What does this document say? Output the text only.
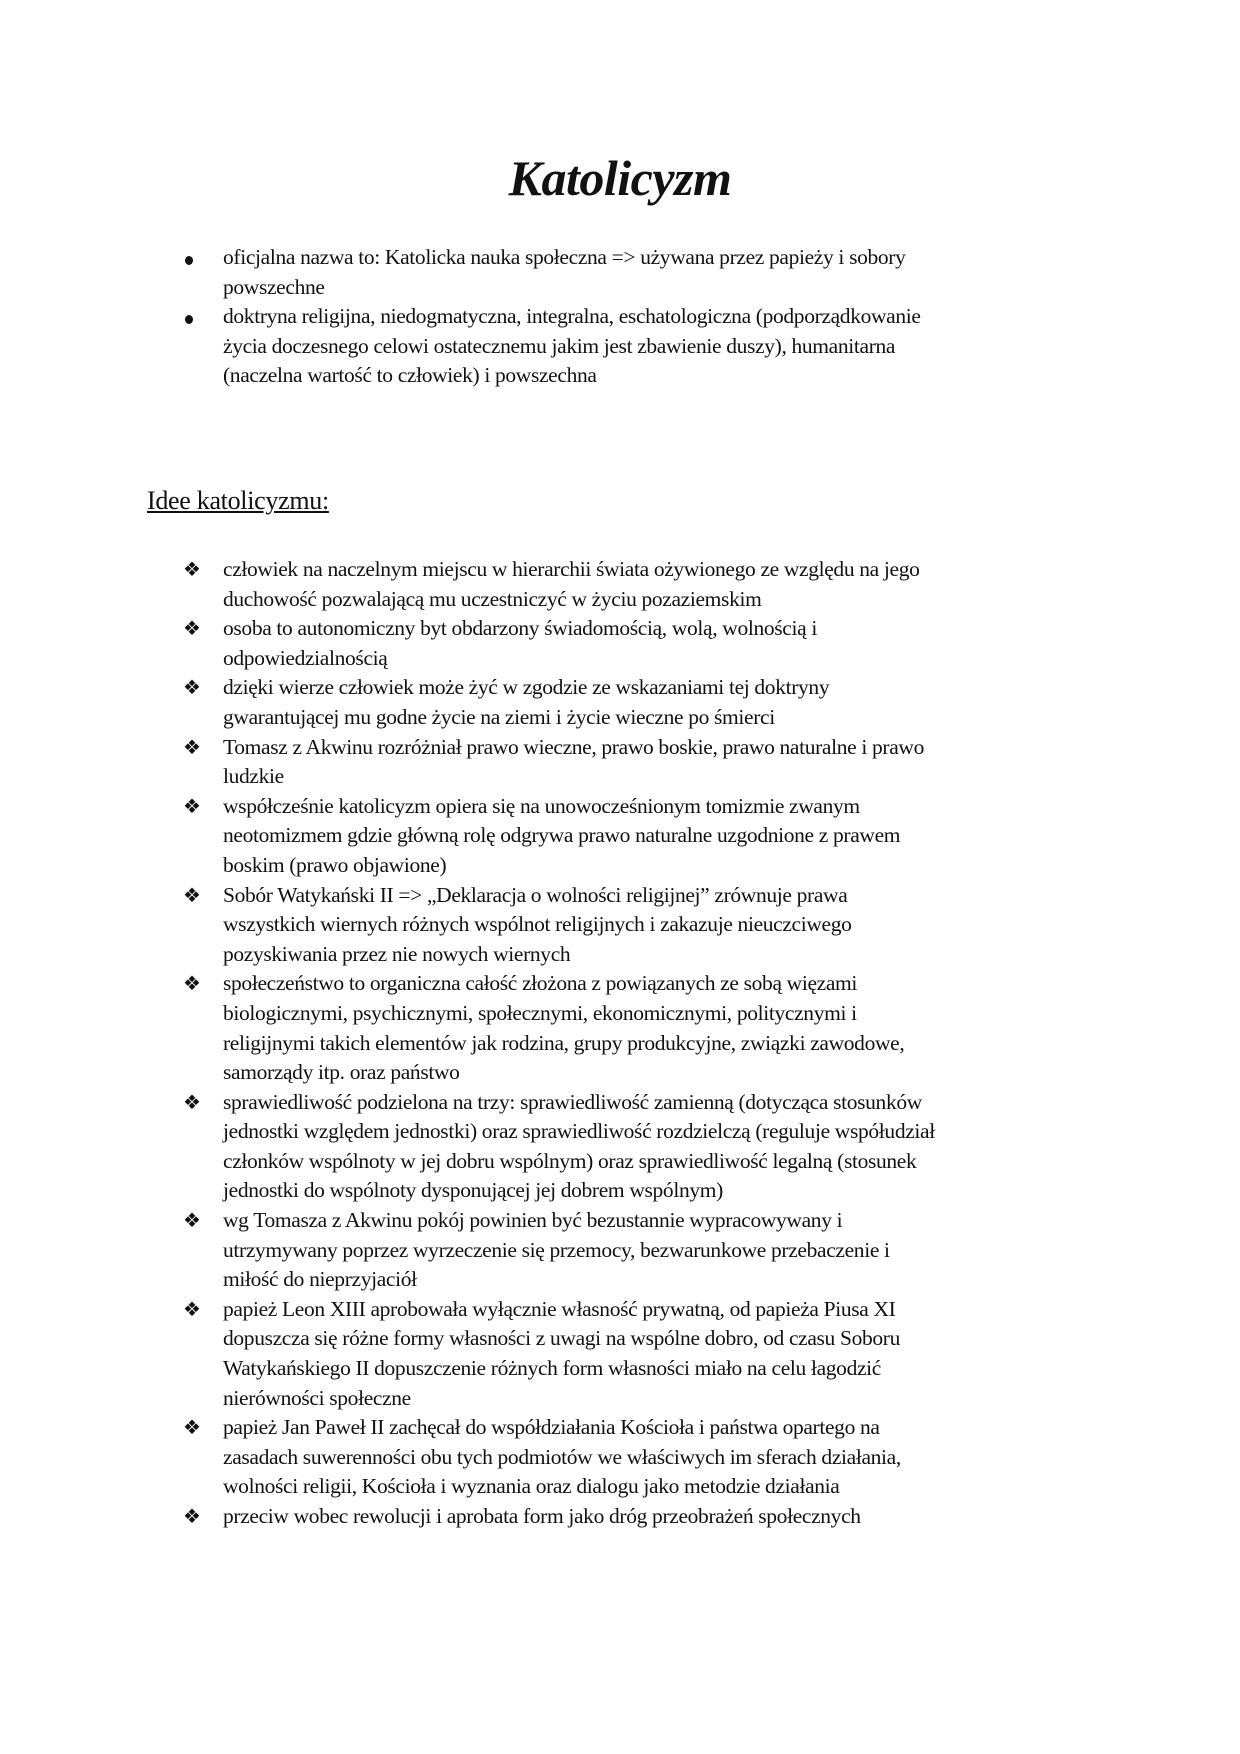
Katolicyzm
oficjalna nazwa to: Katolicka nauka społeczna => używana przez papieży i sobory
powszechne
doktryna religijna, niedogmatyczna, integralna, eschatologiczna (podporządkowanie
życia doczesnego celowi ostatecznemu jakim jest zbawienie duszy), humanitarna
(naczelna wartość to człowiek) i powszechna
Idee katolicyzmu:
❖	człowiek na naczelnym miejscu w hierarchii świata ożywionego ze względu na jego
duchowość pozwalającą mu uczestniczyć w życiu pozaziemskim
❖	osoba to autonomiczny byt obdarzony świadomością, wolą, wolnością i
odpowiedzialnością
❖	dzięki wierze człowiek może żyć w zgodzie ze wskazaniami tej doktryny
gwarantującej mu godne życie na ziemi i życie wieczne po śmierci
❖	Tomasz z Akwinu rozróżniał prawo wieczne, prawo boskie, prawo naturalne i prawo
ludzkie
❖	współcześnie katolicyzm opiera się na unowocześnionym tomizmie zwanym
neotomizmem gdzie główną rolę odgrywa prawo naturalne uzgodnione z prawem
boskim (prawo objawione)
❖	Sobór Watykański II => „Deklaracja o wolności religijnej” zrównuje prawa
wszystkich wiernych różnych wspólnot religijnych i zakazuje nieuczciwego
pozyskiwania przez nie nowych wiernych
❖	społeczeństwo to organiczna całość złożona z powiązanych ze sobą więzami
biologicznymi, psychicznymi, społecznymi, ekonomicznymi, politycznymi i
religijnymi takich elementów jak rodzina, grupy produkcyjne, związki zawodowe,
samorządy itp. oraz państwo
❖	sprawiedliwość podzielona na trzy: sprawiedliwość zamienną (dotycząca stosunków
jednostki względem jednostki) oraz sprawiedliwość rozdzielczą (reguluje współudział
członków wspólnoty w jej dobru wspólnym) oraz sprawiedliwość legalną (stosunek
jednostki do wspólnoty dysponującej jej dobrem wspólnym)
❖	wg Tomasza z Akwinu pokój powinien być bezustannie wypracowywany i
utrzymywany poprzez wyrzeczenie się przemocy, bezwarunkowe przebaczenie i
miłość do nieprzyjaciół
❖	papież Leon XIII aprobowała wyłącznie własność prywatną, od papieża Piusa XI
dopuszcza się różne formy własności z uwagi na wspólne dobro, od czasu Soboru
Watykańskiego II dopuszczenie różnych form własności miało na celu łagodzić
nierówności społeczne
❖	papież Jan Paweł II zachęcał do współdziałania Kościoła i państwa opartego na
zasadach suwerenności obu tych podmiotów we właściwych im sferach działania,
wolności religii, Kościoła i wyznania oraz dialogu jako metodzie działania
❖	przeciw wobec rewolucji i aprobata form jako dróg przeobrażeń społecznych
